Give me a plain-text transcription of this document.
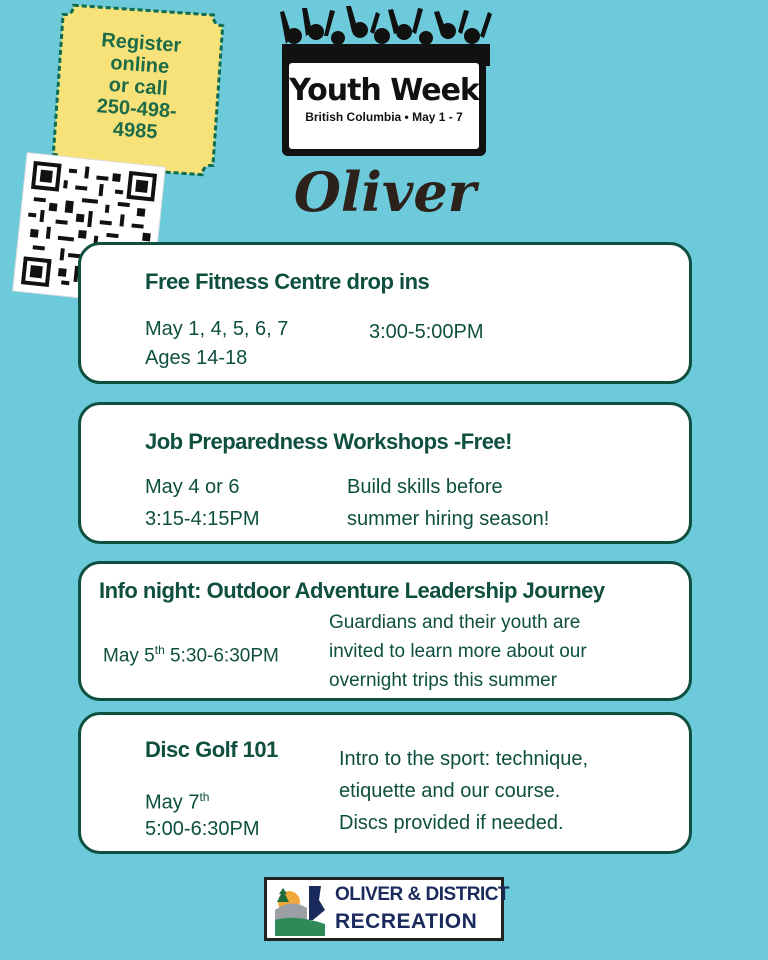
Register
online
or call
250-498-
4985
Youth Week
British Columbia • May 1 - 7
Oliver
Free Fitness Centre drop ins
May 1, 4, 5, 6, 7
Ages 14-18
3:00-5:00PM
Job Preparedness Workshops -Free!
May 4 or 6
3:15-4:15PM
Build skills before
summer hiring season!
Info night: Outdoor Adventure Leadership Journey
May 5th 5:30-6:30PM
Guardians and their youth are
invited to learn more about our
overnight trips this summer
Disc Golf 101
May 7th
5:00-6:30PM
Intro to the sport: technique,
etiquette and our course.
Discs provided if needed.
OLIVER & DISTRICT
RECREATION
